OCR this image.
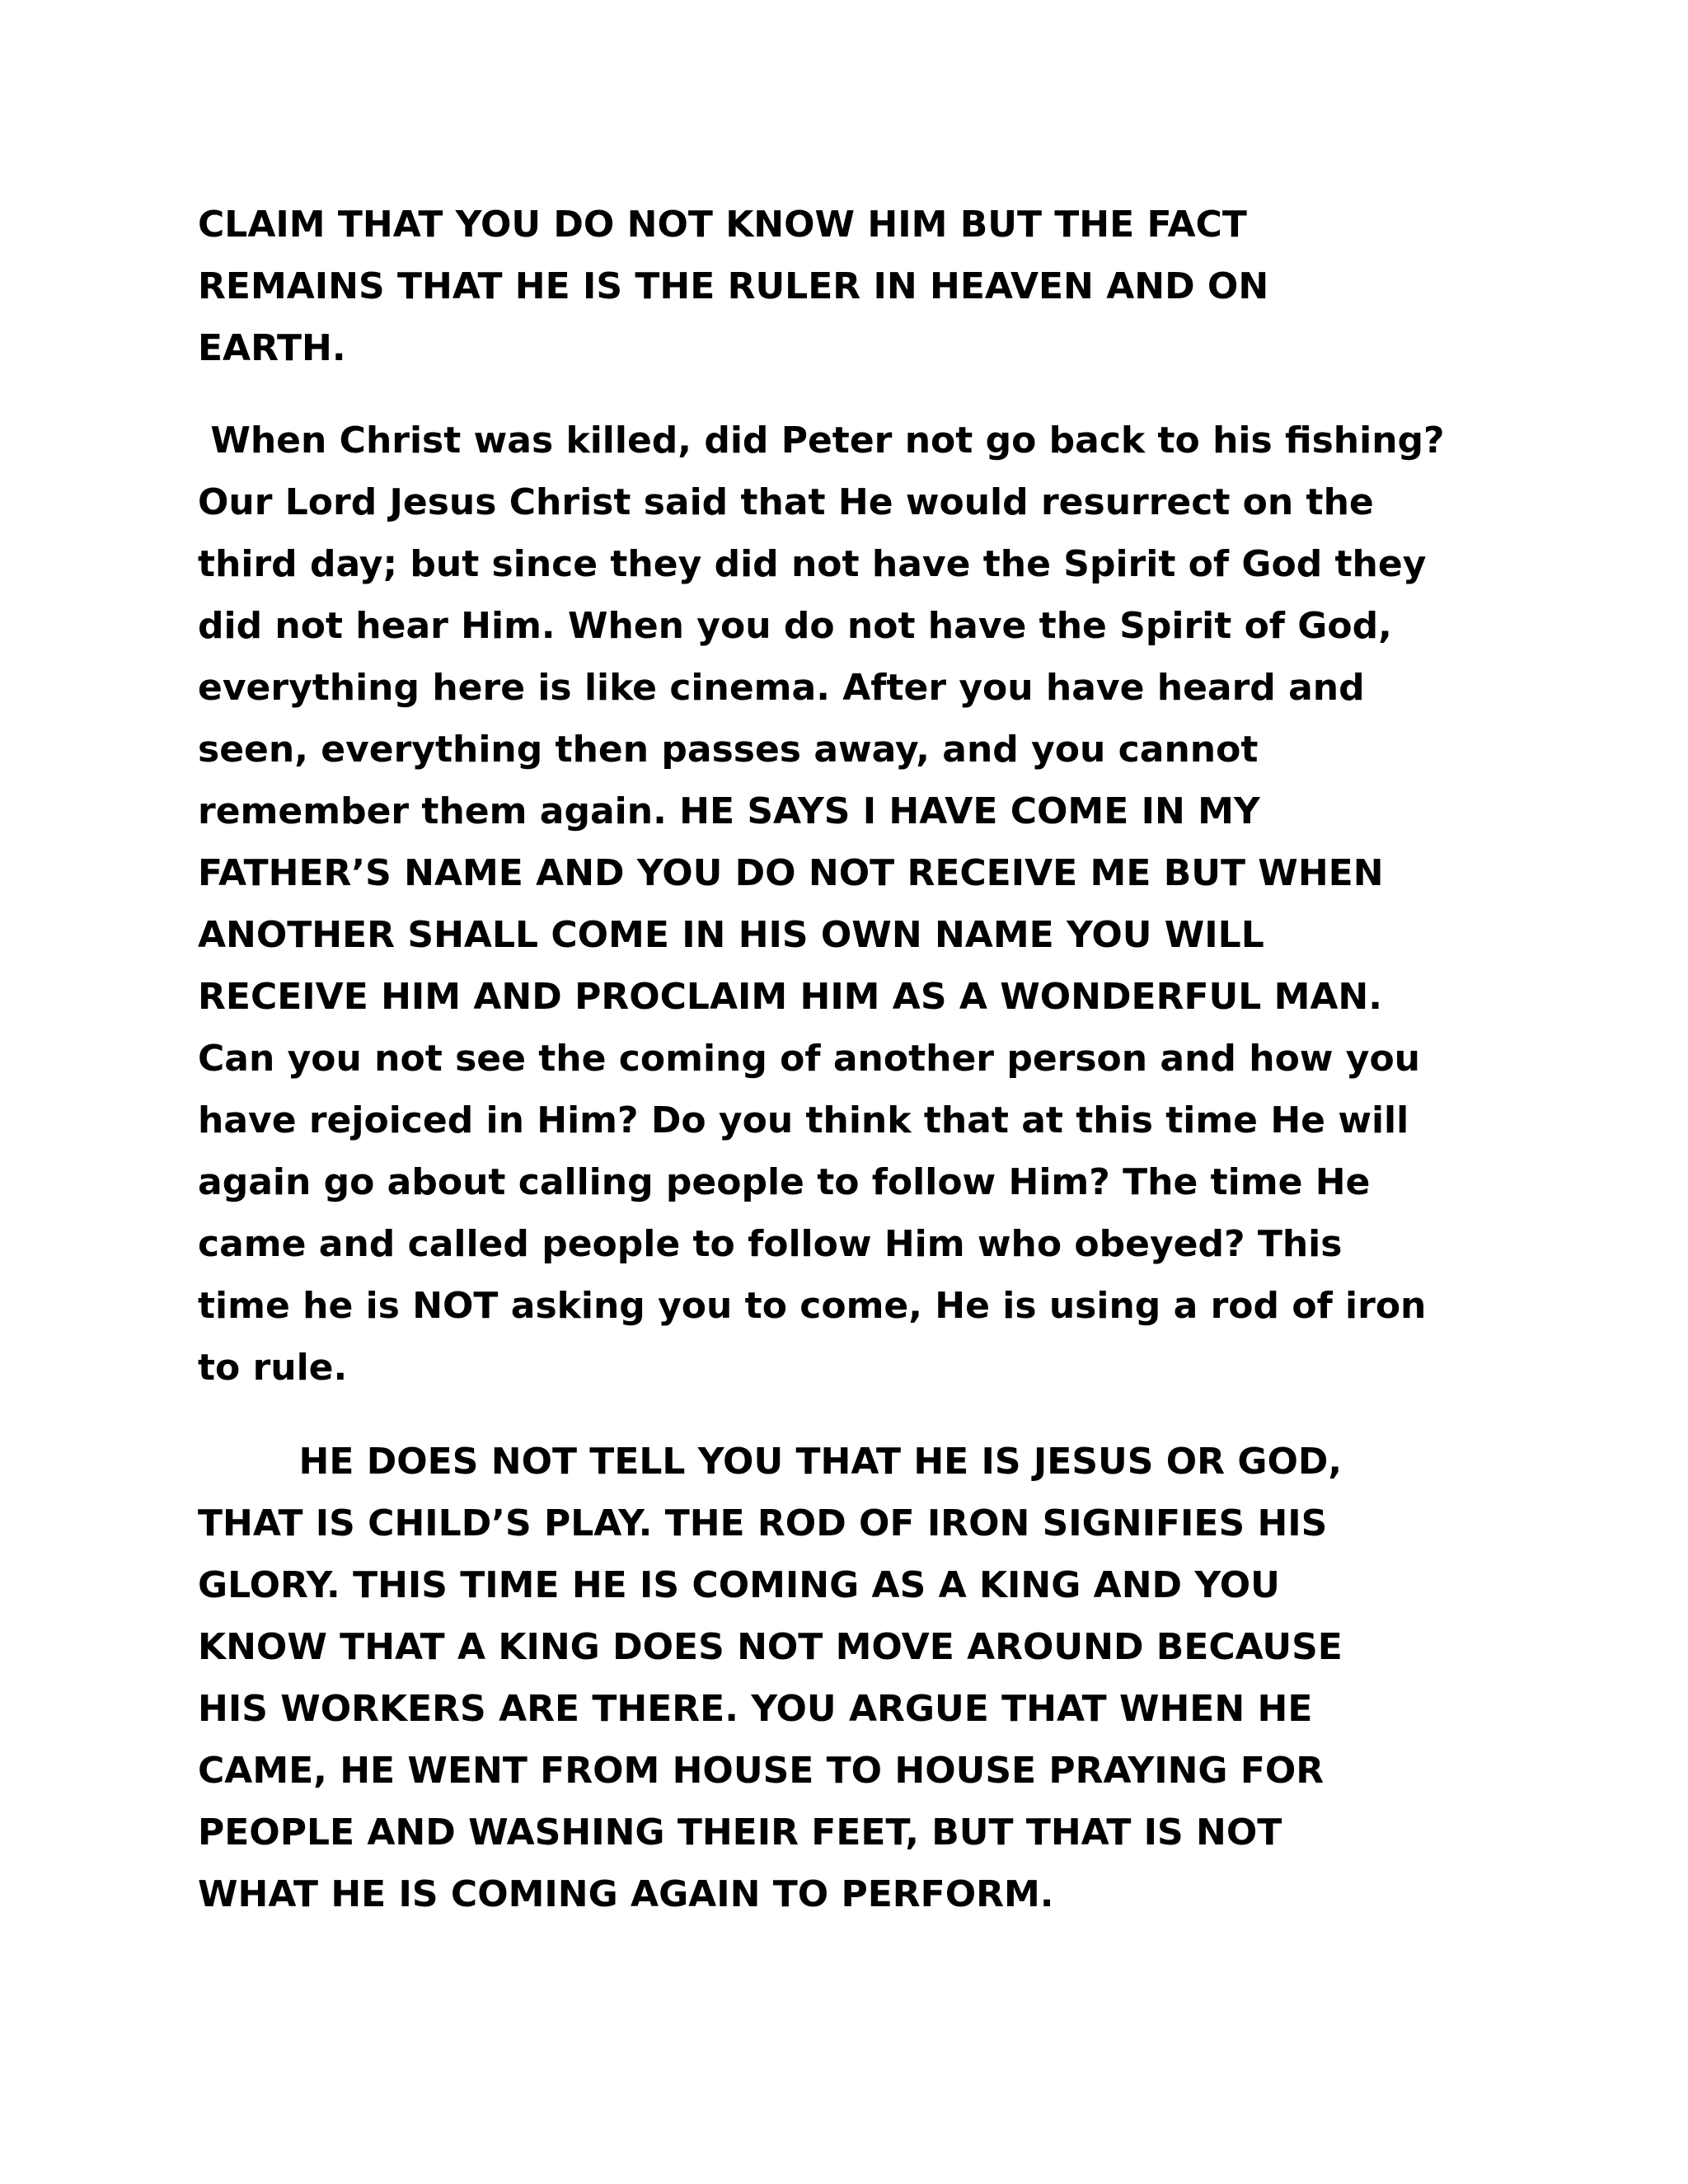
CLAIM THAT YOU DO NOT KNOW HIM BUT THE FACT
REMAINS THAT HE IS THE RULER IN HEAVEN AND ON
EARTH.
When Christ was killed, did Peter not go back to his fishing?
Our Lord Jesus Christ said that He would resurrect on the
third day; but since they did not have the Spirit of God they
did not hear Him. When you do not have the Spirit of God,
everything here is like cinema. After you have heard and
seen, everything then passes away, and you cannot
remember them again. HE SAYS I HAVE COME IN MY
FATHER’S NAME AND YOU DO NOT RECEIVE ME BUT WHEN
ANOTHER SHALL COME IN HIS OWN NAME YOU WILL
RECEIVE HIM AND PROCLAIM HIM AS A WONDERFUL MAN.
Can you not see the coming of another person and how you
have rejoiced in Him? Do you think that at this time He will
again go about calling people to follow Him? The time He
came and called people to follow Him who obeyed? This
time he is NOT asking you to come, He is using a rod of iron
to rule.
HE DOES NOT TELL YOU THAT HE IS JESUS OR GOD,
THAT IS CHILD’S PLAY. THE ROD OF IRON SIGNIFIES HIS
GLORY. THIS TIME HE IS COMING AS A KING AND YOU
KNOW THAT A KING DOES NOT MOVE AROUND BECAUSE
HIS WORKERS ARE THERE. YOU ARGUE THAT WHEN HE
CAME, HE WENT FROM HOUSE TO HOUSE PRAYING FOR
PEOPLE AND WASHING THEIR FEET, BUT THAT IS NOT
WHAT HE IS COMING AGAIN TO PERFORM.
